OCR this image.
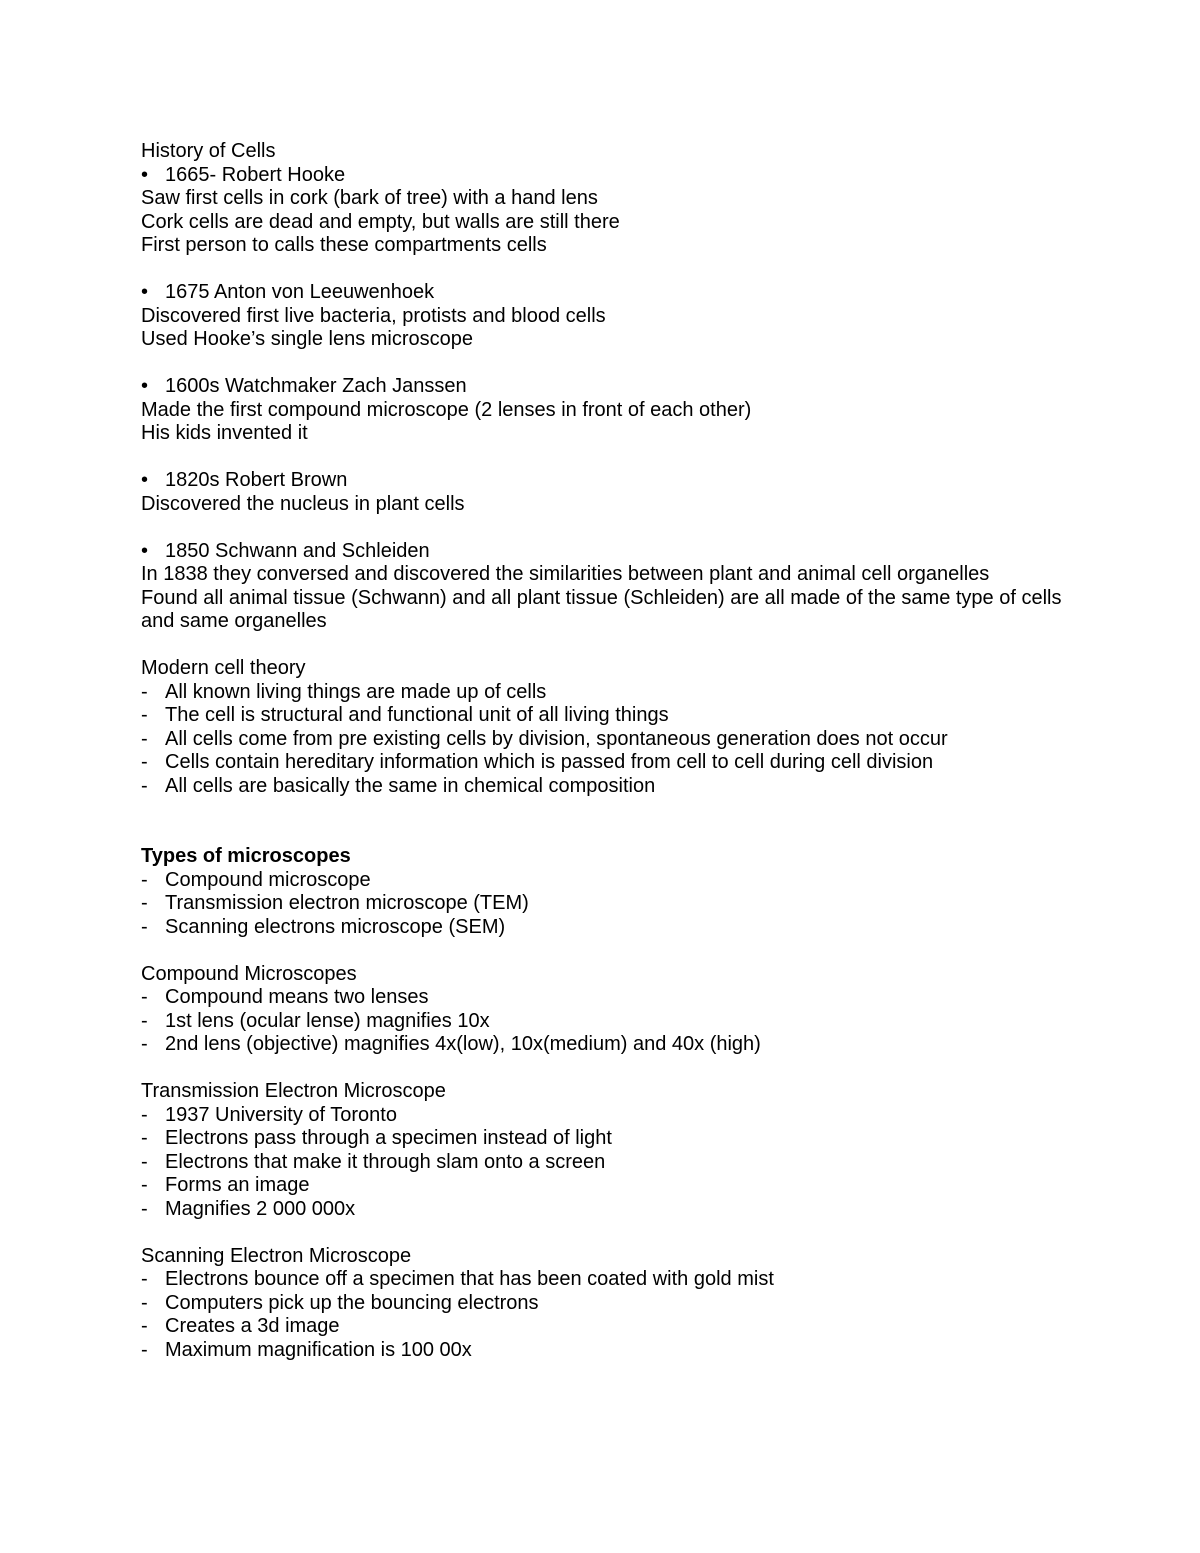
History of Cells

• 1665- Robert Hooke

Saw first cells in cork (bark of tree) with a hand lens

Cork cells are dead and empty, but walls are still there

First person to calls these compartments cells

• 1675 Anton von Leeuwenhoek

Discovered first live bacteria, protists and blood cells

Used Hooke’s single lens microscope

• 1600s Watchmaker Zach Janssen

Made the first compound microscope (2 lenses in front of each other)

His kids invented it

• 1820s Robert Brown

Discovered the nucleus in plant cells

• 1850 Schwann and Schleiden

In 1838 they conversed and discovered the similarities between plant and animal cell organelles

Found all animal tissue (Schwann) and all plant tissue (Schleiden) are all made of the same type of cells and same organelles

Modern cell theory

- All known living things are made up of cells
- The cell is structural and functional unit of all living things
- All cells come from pre existing cells by division, spontaneous generation does not occur
- Cells contain hereditary information which is passed from cell to cell during cell division
- All cells are basically the same in chemical composition

Types of microscopes

- Compound microscope
- Transmission electron microscope (TEM)
- Scanning electrons microscope (SEM)

Compound Microscopes

- Compound means two lenses
- 1st lens (ocular lense) magnifies 10x
- 2nd lens (objective) magnifies 4x(low), 10x(medium) and 40x (high)

Transmission Electron Microscope

- 1937 University of Toronto
- Electrons pass through a specimen instead of light
- Electrons that make it through slam onto a screen
- Forms an image
- Magnifies 2 000 000x

Scanning Electron Microscope

- Electrons bounce off a specimen that has been coated with gold mist
- Computers pick up the bouncing electrons
- Creates a 3d image
- Maximum magnification is 100 00x
